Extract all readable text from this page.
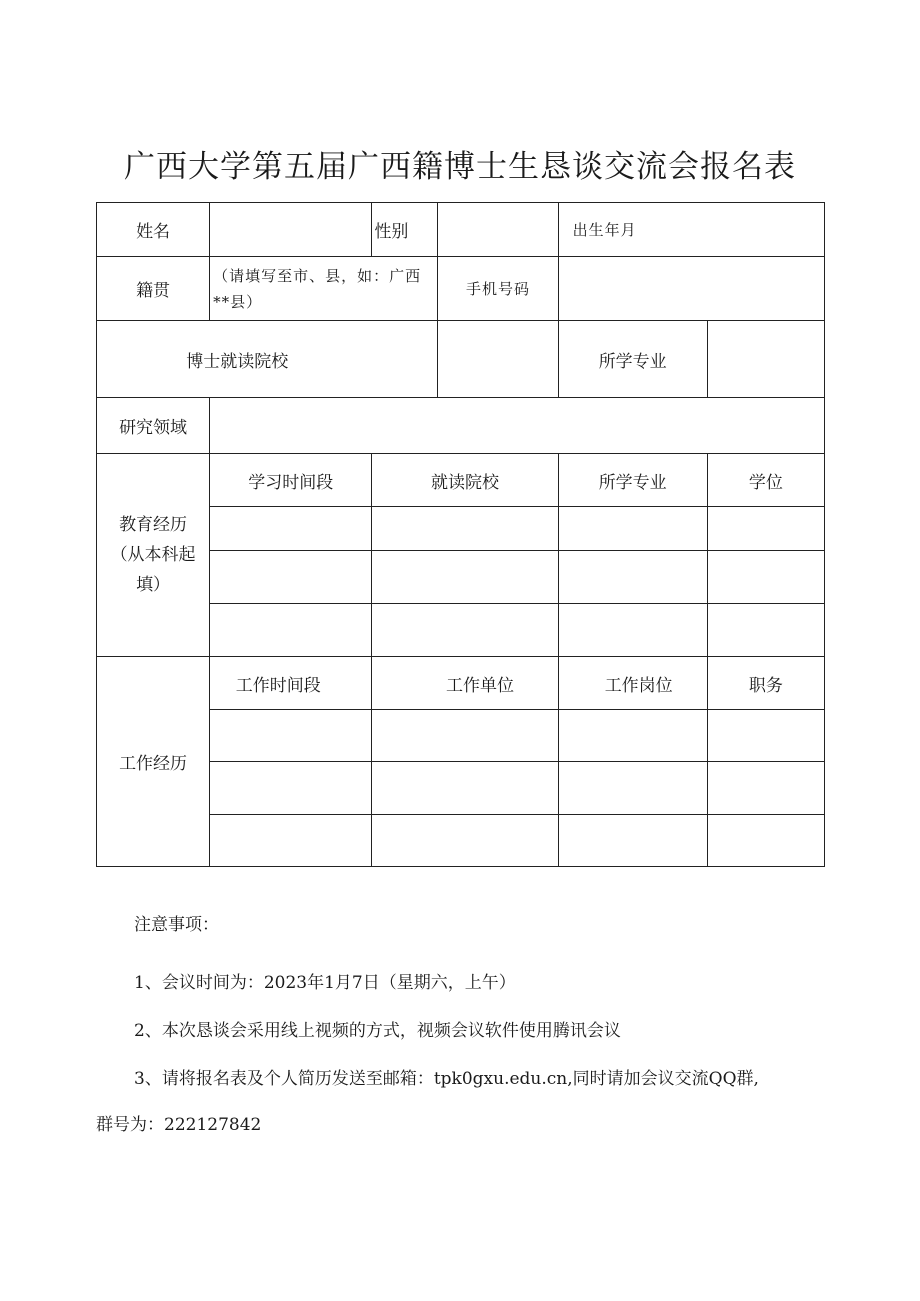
广西大学第五届广西籍博士生恳谈交流会报名表
姓名		性别		出生年月	
籍贯	（请填写至市、县，如：广西**县）		手机号码		
博士就读院校				所学专业	
研究领域					

教育经历（从本科起填）	学习时间段	就读院校		所学专业	学位

工作经历	工作时间段	工作单位		工作岗位	职务

注意事项：

1、会议时间为：2023年1月7日（星期六，上午）

2、本次恳谈会采用线上视频的方式，视频会议软件使用腾讯会议

3、请将报名表及个人简历发送至邮箱：tpk0gxu.edu.cn,同时请加会议交流QQ群,

群号为：222127842
